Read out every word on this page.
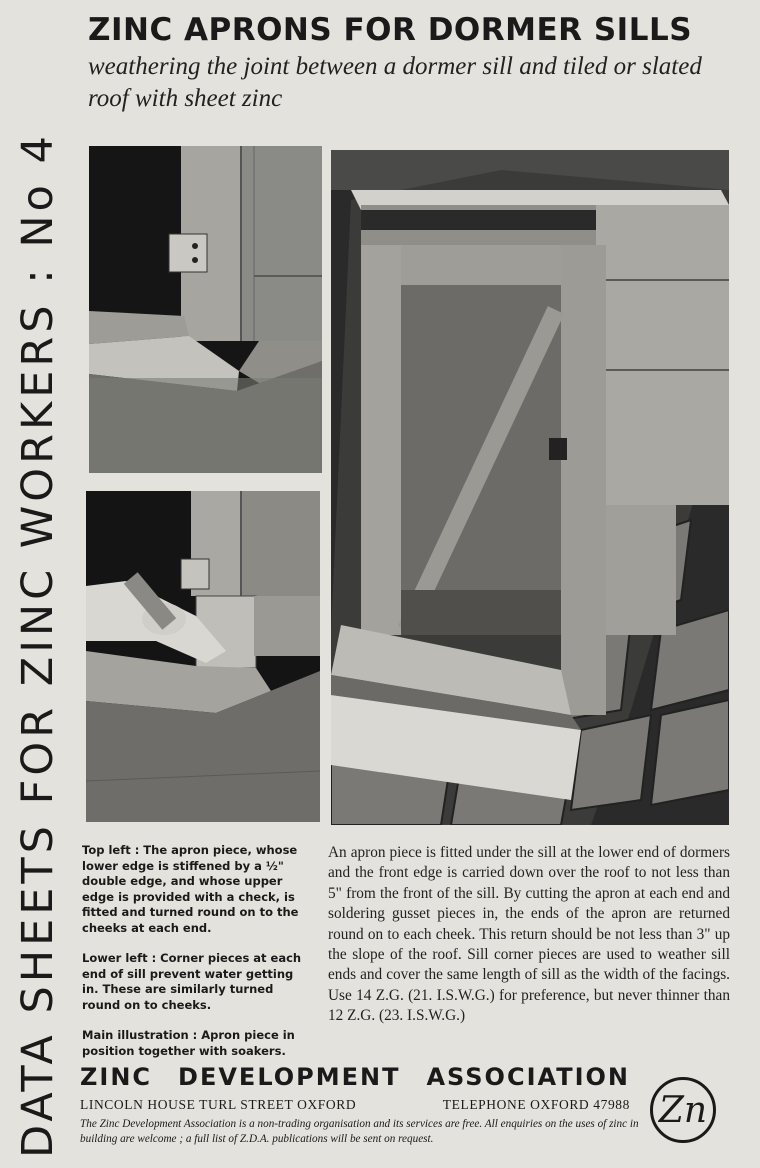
DATA SHEETS FOR ZINC WORKERS : No 4
ZINC APRONS FOR DORMER SILLS
weathering the joint between a dormer sill and tiled or slated roof with sheet zinc

Top left : The apron piece, whose lower edge is stiffened by a ½" double edge, and whose upper edge is provided with a check, is fitted and turned round on to the cheeks at each end.

Lower left : Corner pieces at each end of sill prevent water getting in. These are similarly turned round on to cheeks.

Main illustration : Apron piece in position together with soakers.

An apron piece is fitted under the sill at the lower end of dormers and the front edge is carried down over the roof to not less than 5" from the front of the sill. By cutting the apron at each end and soldering gusset pieces in, the ends of the apron are returned round on to each cheek. This return should be not less than 3" up the slope of the roof. Sill corner pieces are used to weather sill ends and cover the same length of sill as the width of the facings. Use 14 Z.G. (21. I.S.W.G.) for preference, but never thinner than 12 Z.G. (23. I.S.W.G.)
ZINC DEVELOPMENT ASSOCIATION
LINCOLN HOUSE TURL STREET OXFORD	TELEPHONE OXFORD 47988
The Zinc Development Association is a non-trading organisation and its services are free. All enquiries on the uses of zinc in building are welcome ; a full list of Z.D.A. publications will be sent on request.
Zn
